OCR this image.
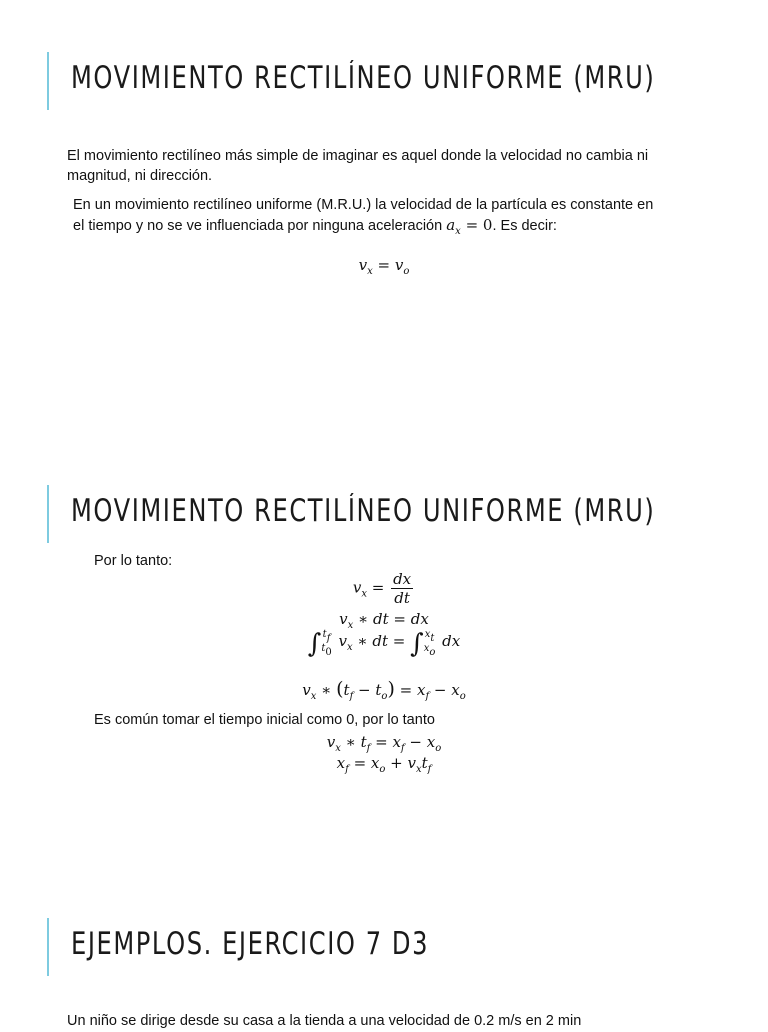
MOVIMIENTO RECTILÍNEO UNIFORME (MRU)

El movimiento rectilíneo más simple de imaginar es aquel donde la velocidad no cambia ni magnitud, ni dirección.

En un movimiento rectilíneo uniforme (M.R.U.) la velocidad de la partícula es constante en el tiempo y no se ve influenciada por ninguna aceleración $a_x = 0$. Es decir:

$v_x = v_o$
MOVIMIENTO RECTILÍNEO UNIFORME (MRU)

Por lo tanto:

$v_x = \frac{dx}{dt}$
$v_x$ ∗ dt = dx
∫ $t_f$
$t_0$
$v_x$ ∗ dt = ∫ $x_t$
$x_o$
dx
$v_x$ ∗ $(t_f - t_o) = x_f - x_o$

Es común tomar el tiempo inicial como 0, por lo tanto

$v_x$ ∗ $t_f = x_f - x_o$
$x_f = x_o + v_xt_f$
EJEMPLOS. EJERCICIO 7 D3

Un niño se dirige desde su casa a la tienda a una velocidad de 0.2 m/s en 2 min
